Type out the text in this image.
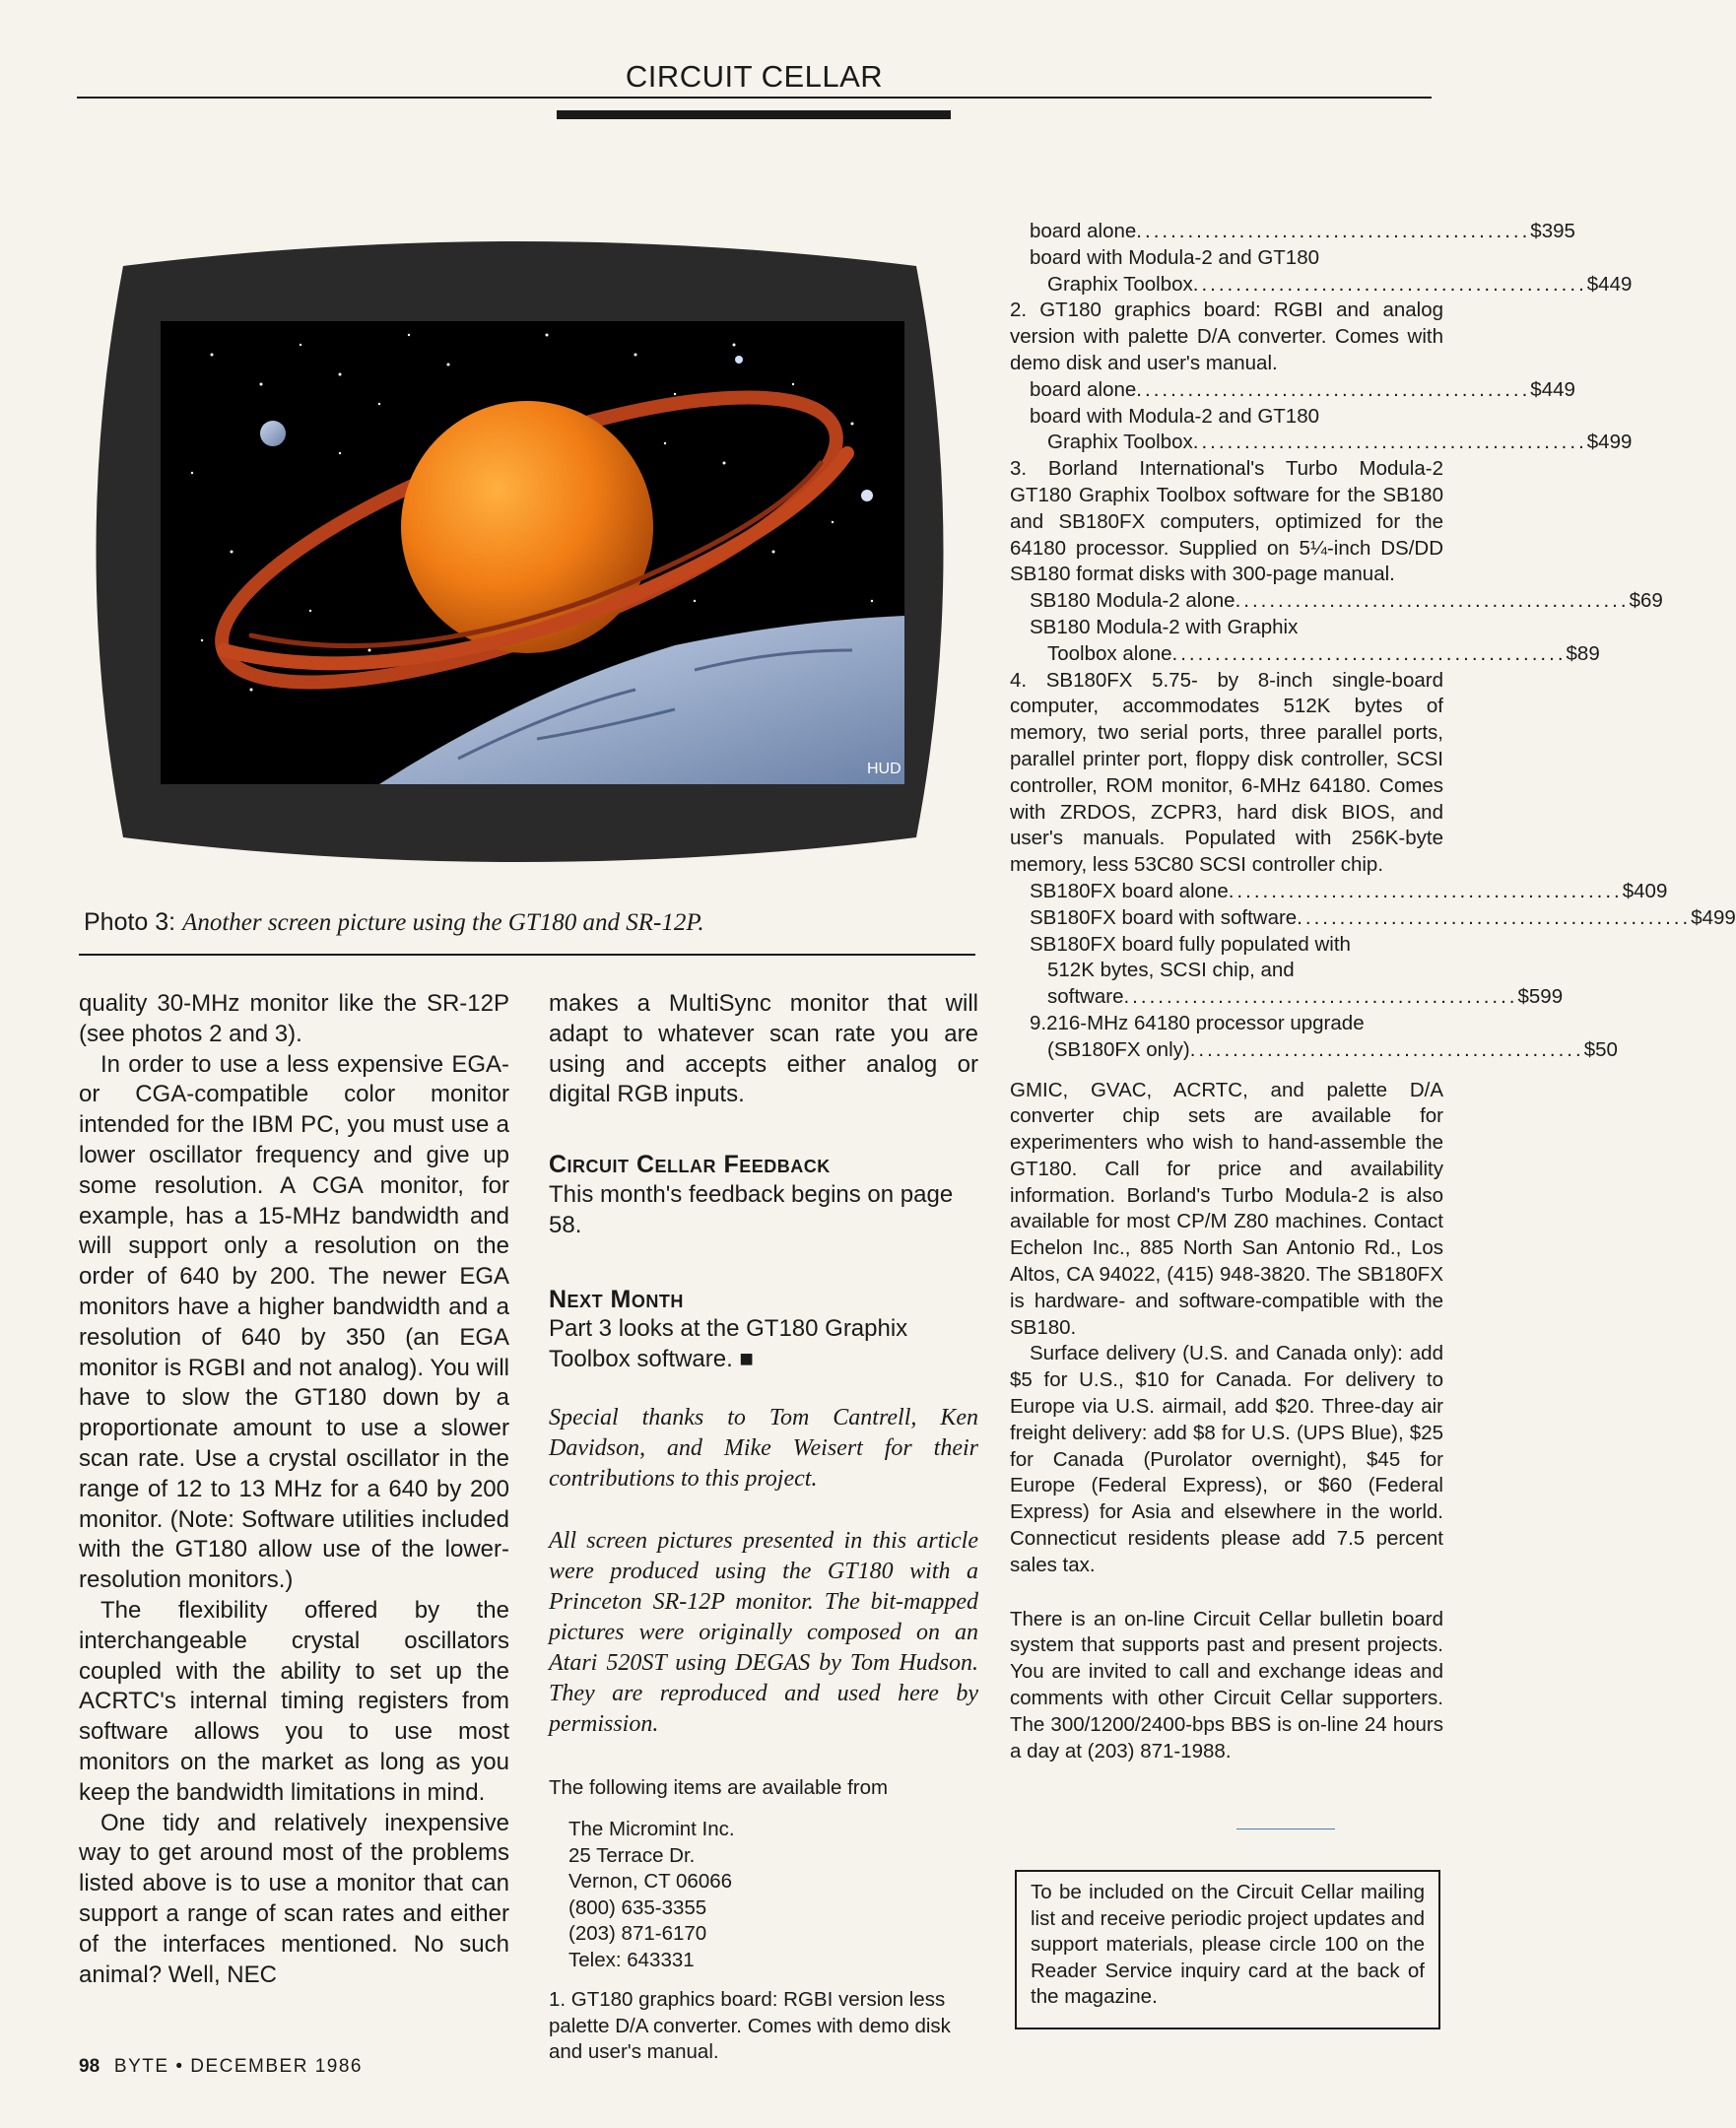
CIRCUIT CELLAR
HUD
Photo 3: Another screen picture using the GT180 and SR-12P.

quality 30-MHz monitor like the SR-12P (see photos 2 and 3).

In order to use a less expensive EGA- or CGA-compatible color monitor intended for the IBM PC, you must use a lower oscillator frequency and give up some resolution. A CGA monitor, for example, has a 15-MHz bandwidth and will support only a resolution on the order of 640 by 200. The newer EGA monitors have a higher bandwidth and a resolution of 640 by 350 (an EGA monitor is RGBI and not analog). You will have to slow the GT180 down by a proportionate amount to use a slower scan rate. Use a crystal oscillator in the range of 12 to 13 MHz for a 640 by 200 monitor. (Note: Software utilities included with the GT180 allow use of the lower-resolution monitors.)

The flexibility offered by the interchangeable crystal oscillators coupled with the ability to set up the ACRTC's internal timing registers from software allows you to use most monitors on the market as long as you keep the bandwidth limitations in mind.

One tidy and relatively inexpensive way to get around most of the problems listed above is to use a monitor that can support a range of scan rates and either of the interfaces mentioned. No such animal? Well, NEC

makes a MultiSync monitor that will adapt to whatever scan rate you are using and accepts either analog or digital RGB inputs.

Circuit Cellar Feedback

This month's feedback begins on page 58.

Next Month

Part 3 looks at the GT180 Graphix Toolbox software. ■

Special thanks to Tom Cantrell, Ken Davidson, and Mike Weisert for their contributions to this project.

All screen pictures presented in this article were produced using the GT180 with a Princeton SR-12P monitor. The bit-mapped pictures were originally composed on an Atari 520ST using DEGAS by Tom Hudson. They are reproduced and used here by permission.

The following items are available from

The Micromint Inc.
25 Terrace Dr.
Vernon, CT 06066
(800) 635-3355
(203) 871-6170
Telex: 643331

1. GT180 graphics board: RGBI version less palette D/A converter. Comes with demo disk and user's manual.

board alone .............................................. $395
board with Modula-2 and GT180
Graphix Toolbox .............................................. $449

2. GT180 graphics board: RGBI and analog version with palette D/A converter. Comes with demo disk and user's manual.

board alone .............................................. $449
board with Modula-2 and GT180
Graphix Toolbox .............................................. $499

3. Borland International's Turbo Modula-2 GT180 Graphix Toolbox software for the SB180 and SB180FX computers, optimized for the 64180 processor. Supplied on 5¼-inch DS/DD SB180 format disks with 300-page manual.

SB180 Modula-2 alone .............................................. $69
SB180 Modula-2 with Graphix
Toolbox alone .............................................. $89

4. SB180FX 5.75- by 8-inch single-board computer, accommodates 512K bytes of memory, two serial ports, three parallel ports, parallel printer port, floppy disk controller, SCSI controller, ROM monitor, 6-MHz 64180. Comes with ZRDOS, ZCPR3, hard disk BIOS, and user's manuals. Populated with 256K-byte memory, less 53C80 SCSI controller chip.

SB180FX board alone .............................................. $409
SB180FX board with software .............................................. $499
SB180FX board fully populated with
512K bytes, SCSI chip, and
software .............................................. $599
9.216-MHz 64180 processor upgrade
(SB180FX only) .............................................. $50

GMIC, GVAC, ACRTC, and palette D/A converter chip sets are available for experimenters who wish to hand-assemble the GT180. Call for price and availability information. Borland's Turbo Modula-2 is also available for most CP/M Z80 machines. Contact Echelon Inc., 885 North San Antonio Rd., Los Altos, CA 94022, (415) 948-3820. The SB180FX is hardware- and software-compatible with the SB180.

Surface delivery (U.S. and Canada only): add $5 for U.S., $10 for Canada. For delivery to Europe via U.S. airmail, add $20. Three-day air freight delivery: add $8 for U.S. (UPS Blue), $25 for Canada (Purolator overnight), $45 for Europe (Federal Express), or $60 (Federal Express) for Asia and elsewhere in the world. Connecticut residents please add 7.5 percent sales tax.

There is an on-line Circuit Cellar bulletin board system that supports past and present projects. You are invited to call and exchange ideas and comments with other Circuit Cellar supporters. The 300/1200/2400-bps BBS is on-line 24 hours a day at (203) 871-1988.

To be included on the Circuit Cellar mailing list and receive periodic project updates and support materials, please circle 100 on the Reader Service inquiry card at the back of the magazine.
98 BYTE • DECEMBER 1986
